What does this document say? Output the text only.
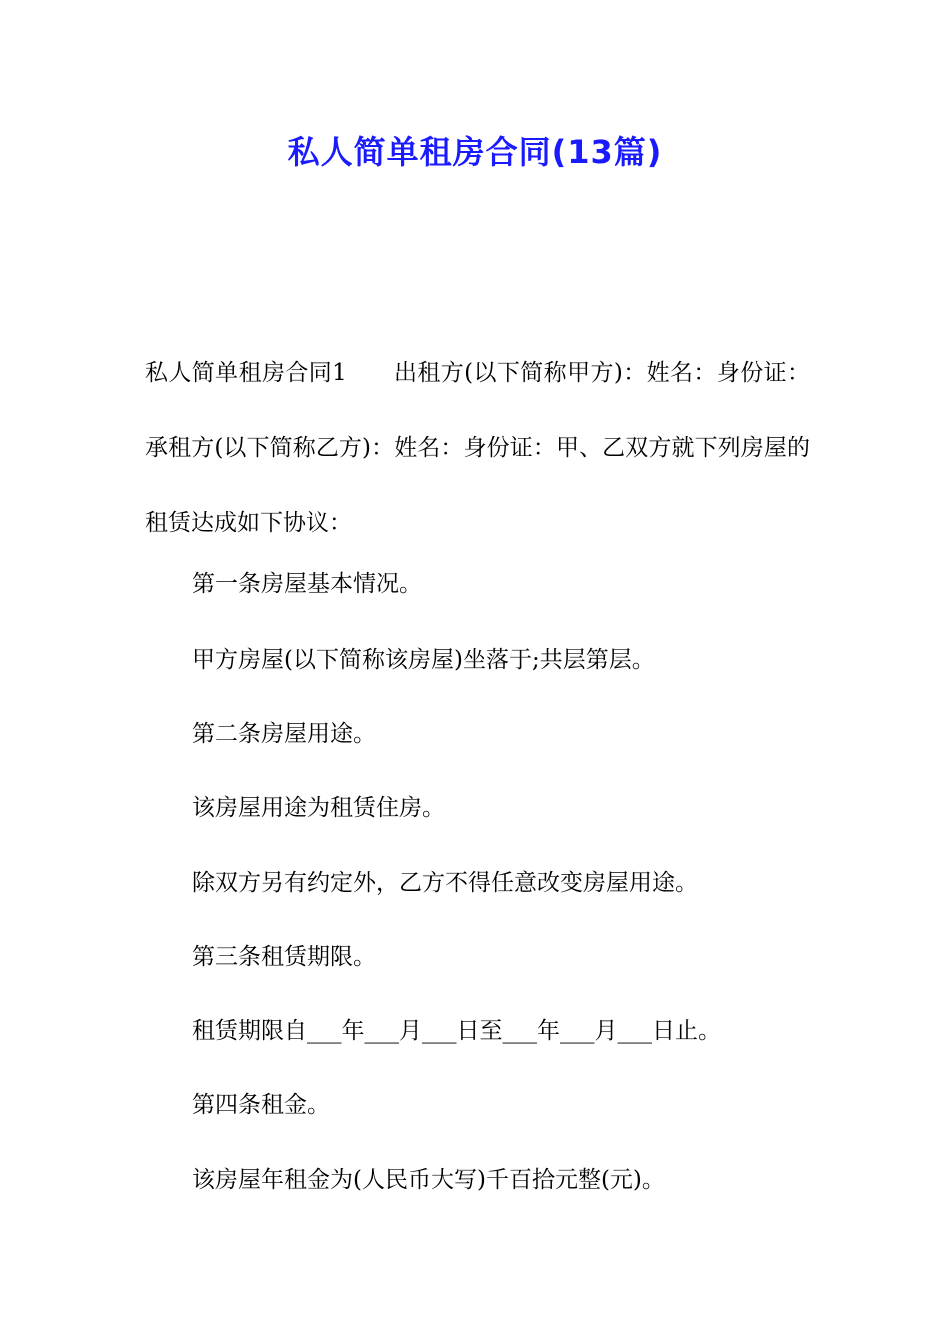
私人简单租房合同(13篇)
私人简单租房合同1　　出租方(以下简称甲方)：姓名：身份证：承租方(以下简称乙方)：姓名：身份证：甲、乙双方就下列房屋的租赁达成如下协议：
第一条房屋基本情况。
甲方房屋(以下简称该房屋)坐落于;共层第层。
第二条房屋用途。
该房屋用途为租赁住房。
除双方另有约定外，乙方不得任意改变房屋用途。
第三条租赁期限。
租赁期限自___年___月___日至___年___月___日止。
第四条租金。
该房屋年租金为(人民币大写)千百拾元整(元)。
